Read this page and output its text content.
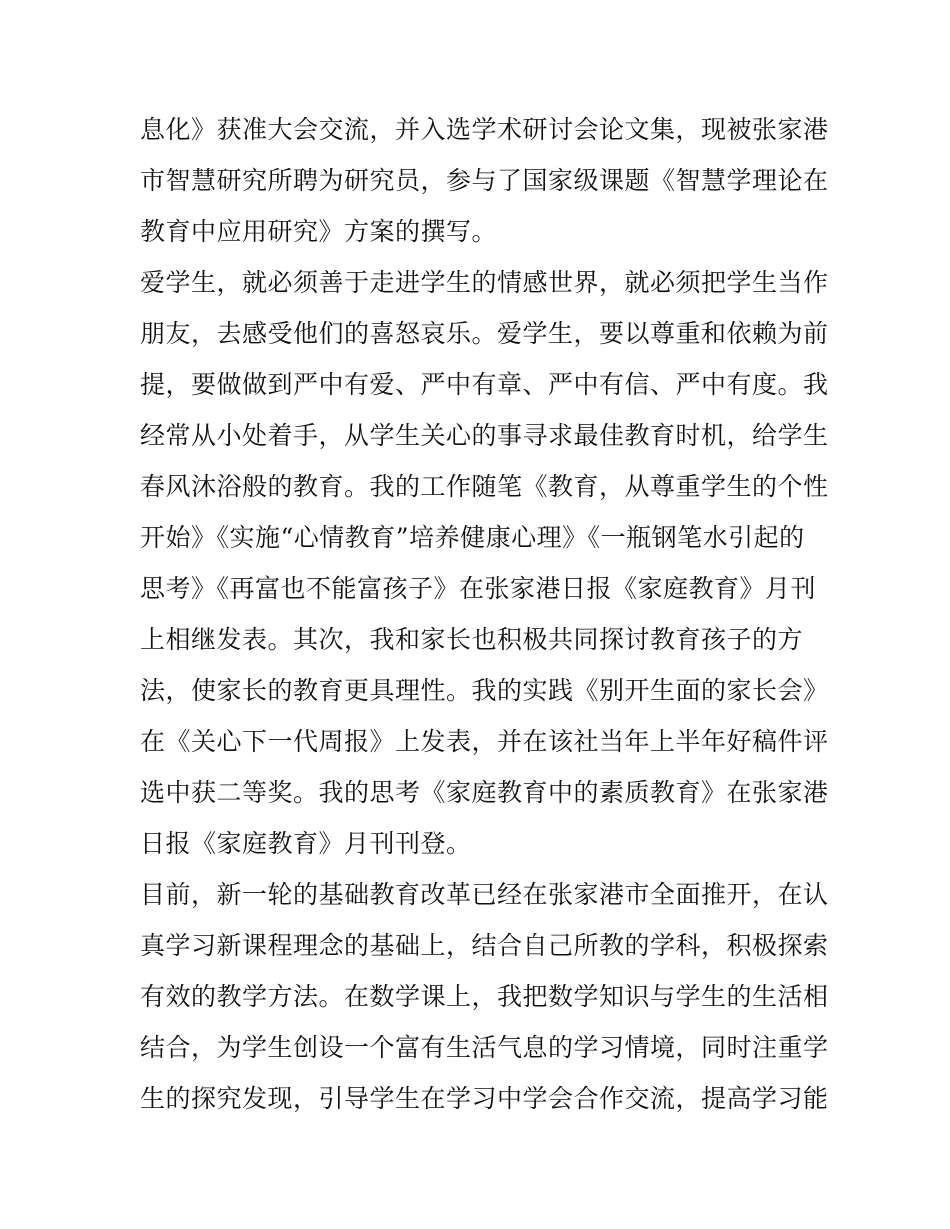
息化》获准大会交流，并入选学术研讨会论文集，现被张家港
市智慧研究所聘为研究员，参与了国家级课题《智慧学理论在
教育中应用研究》方案的撰写。
爱学生，就必须善于走进学生的情感世界，就必须把学生当作
朋友，去感受他们的喜怒哀乐。爱学生，要以尊重和依赖为前
提，要做做到严中有爱、严中有章、严中有信、严中有度。我
经常从小处着手，从学生关心的事寻求最佳教育时机，给学生
春风沐浴般的教育。我的工作随笔《教育，从尊重学生的个性
开始》《实施“心情教育”培养健康心理》《一瓶钢笔水引起的
思考》《再富也不能富孩子》在张家港日报《家庭教育》月刊
上相继发表。其次，我和家长也积极共同探讨教育孩子的方
法，使家长的教育更具理性。我的实践《别开生面的家长会》
在《关心下一代周报》上发表，并在该社当年上半年好稿件评
选中获二等奖。我的思考《家庭教育中的素质教育》在张家港
日报《家庭教育》月刊刊登。
目前，新一轮的基础教育改革已经在张家港市全面推开，在认
真学习新课程理念的基础上，结合自己所教的学科，积极探索
有效的教学方法。在数学课上，我把数学知识与学生的生活相
结合，为学生创设一个富有生活气息的学习情境，同时注重学
生的探究发现，引导学生在学习中学会合作交流，提高学习能
